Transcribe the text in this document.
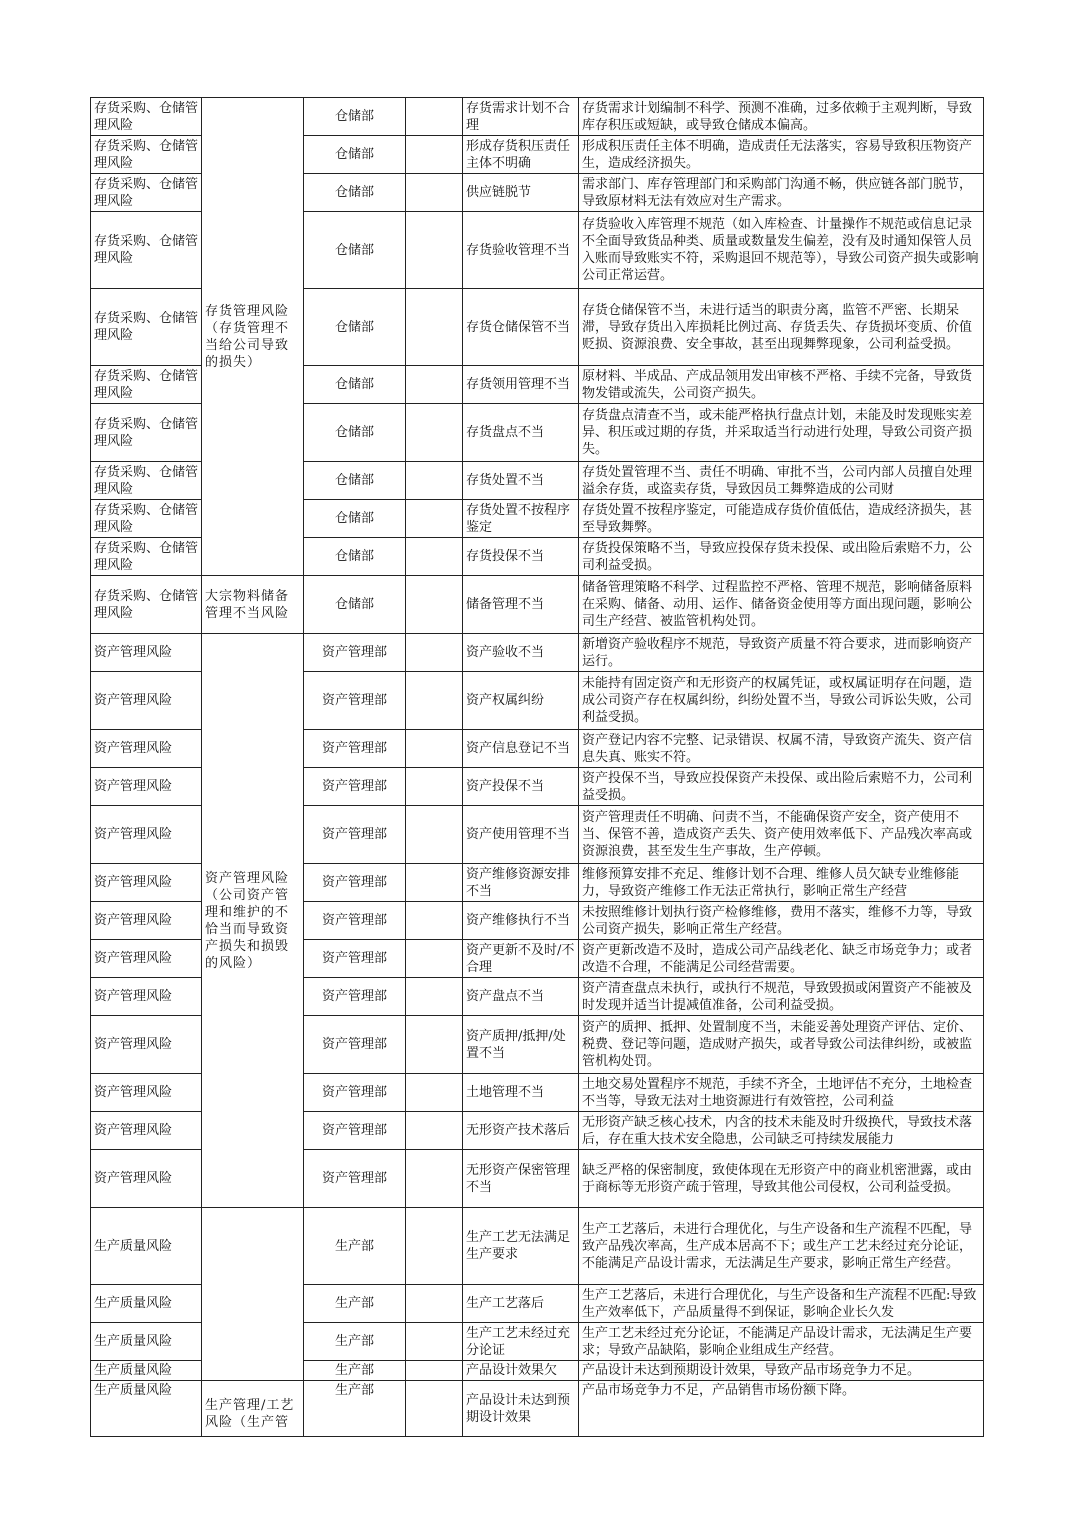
存货采购、仓储管理风险	存货管理风险（存货管理不当给公司导致的损失）	仓储部		存货需求计划不合理	存货需求计划编制不科学、预测不准确，过多依赖于主观判断，导致库存积压或短缺，或导致仓储成本偏高。
存货采购、仓储管理风险		仓储部		形成存货积压责任主体不明确	形成积压责任主体不明确，造成责任无法落实，容易导致积压物资产生，造成经济损失。
存货采购、仓储管理风险		仓储部		供应链脱节	需求部门、库存管理部门和采购部门沟通不畅，供应链各部门脱节，导致原材料无法有效应对生产需求。
存货采购、仓储管理风险		仓储部		存货验收管理不当	存货验收入库管理不规范（如入库检查、计量操作不规范或信息记录不全面导致货品种类、质量或数量发生偏差，没有及时通知保管人员入账而导致账实不符，采购退回不规范等），导致公司资产损失或影响公司正常运营。
存货采购、仓储管理风险		仓储部		存货仓储保管不当	存货仓储保管不当，未进行适当的职责分离，监管不严密、长期呆滞，导致存货出入库损耗比例过高、存货丢失、存货损坏变质、价值贬损、资源浪费、安全事故，甚至出现舞弊现象，公司利益受损。
存货采购、仓储管理风险		仓储部		存货领用管理不当	原材料、半成品、产成品领用发出审核不严格、手续不完备，导致货物发错或流失，公司资产损失。
存货采购、仓储管理风险		仓储部		存货盘点不当	存货盘点清查不当，或未能严格执行盘点计划，未能及时发现账实差异、积压或过期的存货，并采取适当行动进行处理，导致公司资产损失。
存货采购、仓储管理风险		仓储部		存货处置不当	存货处置管理不当、责任不明确、审批不当，公司内部人员擅自处理溢余存货，或盗卖存货，导致因员工舞弊造成的公司财
存货采购、仓储管理风险		仓储部		存货处置不按程序鉴定	存货处置不按程序鉴定，可能造成存货价值低估，造成经济损失，甚至导致舞弊。
存货采购、仓储管理风险		仓储部		存货投保不当	存货投保策略不当，导致应投保存货未投保、或出险后索赔不力，公司利益受损。
存货采购、仓储管理风险	大宗物料储备管理不当风险	仓储部		储备管理不当	储备管理策略不科学、过程监控不严格、管理不规范，影响储备原料在采购、储备、动用、运作、储备资金使用等方面出现问题，影响公司生产经营、被监管机构处罚。
资产管理风险	资产管理风险（公司资产管理和维护的不恰当而导致资产损失和损毁的风险）	资产管理部		资产验收不当	新增资产验收程序不规范，导致资产质量不符合要求，进而影响资产运行。
资产管理风险		资产管理部		资产权属纠纷	未能持有固定资产和无形资产的权属凭证，或权属证明存在问题，造成公司资产存在权属纠纷，纠纷处置不当，导致公司诉讼失败，公司利益受损。
资产管理风险		资产管理部		资产信息登记不当	资产登记内容不完整、记录错误、权属不清，导致资产流失、资产信息失真、账实不符。
资产管理风险		资产管理部		资产投保不当	资产投保不当，导致应投保资产未投保、或出险后索赔不力，公司利益受损。
资产管理风险		资产管理部		资产使用管理不当	资产管理责任不明确、问责不当，不能确保资产安全，资产使用不当、保管不善，造成资产丢失、资产使用效率低下、产品残次率高或资源浪费，甚至发生生产事故，生产停顿。
资产管理风险		资产管理部		资产维修资源安排不当	维修预算安排不充足、维修计划不合理、维修人员欠缺专业维修能力，导致资产维修工作无法正常执行，影响正常生产经营
资产管理风险		资产管理部		资产维修执行不当	未按照维修计划执行资产检修维修，费用不落实，维修不力等，导致公司资产损失，影响正常生产经营。
资产管理风险		资产管理部		资产更新不及时/不合理	资产更新改造不及时，造成公司产品线老化、缺乏市场竞争力；或者改造不合理，不能满足公司经营需要。
资产管理风险		资产管理部		资产盘点不当	资产清查盘点未执行，或执行不规范，导致毁损或闲置资产不能被及时发现并适当计提减值准备，公司利益受损。
资产管理风险		资产管理部		资产质押/抵押/处置不当	资产的质押、抵押、处置制度不当，未能妥善处理资产评估、定价、税费、登记等问题，造成财产损失，或者导致公司法律纠纷，或被监管机构处罚。
资产管理风险		资产管理部		土地管理不当	土地交易处置程序不规范，手续不齐全，土地评估不充分，土地检查不当等，导致无法对土地资源进行有效管控，公司利益
资产管理风险		资产管理部		无形资产技术落后	无形资产缺乏核心技术，内含的技术未能及时升级换代，导致技术落后，存在重大技术安全隐患，公司缺乏可持续发展能力
资产管理风险		资产管理部		无形资产保密管理不当	缺乏严格的保密制度，致使体现在无形资产中的商业机密泄露，或由于商标等无形资产疏于管理，导致其他公司侵权，公司利益受损。
生产质量风险		生产部		生产工艺无法满足生产要求	生产工艺落后，未进行合理优化，与生产设备和生产流程不匹配，导致产品残次率高，生产成本居高不下；或生产工艺未经过充分论证，不能满足产品设计需求，无法满足生产要求，影响正常生产经营。
生产质量风险		生产部		生产工艺落后	生产工艺落后，未进行合理优化，与生产设备和生产流程不匹配:导致生产效率低下，产品质量得不到保证，影响企业长久发
生产质量风险		生产部		生产工艺未经过充分论证	生产工艺未经过充分论证，不能满足产品设计需求，无法满足生产要求；导致产品缺陷，影响企业组成生产经营。
生产质量风险		生产部		产品设计效果欠	产品设计未达到预期设计效果，导致产品市场竞争力不足。
生产质量风险	生产管理/工艺风险（生产管	生产部		产品设计未达到预期设计效果	产品市场竞争力不足，产品销售市场份额下降。
